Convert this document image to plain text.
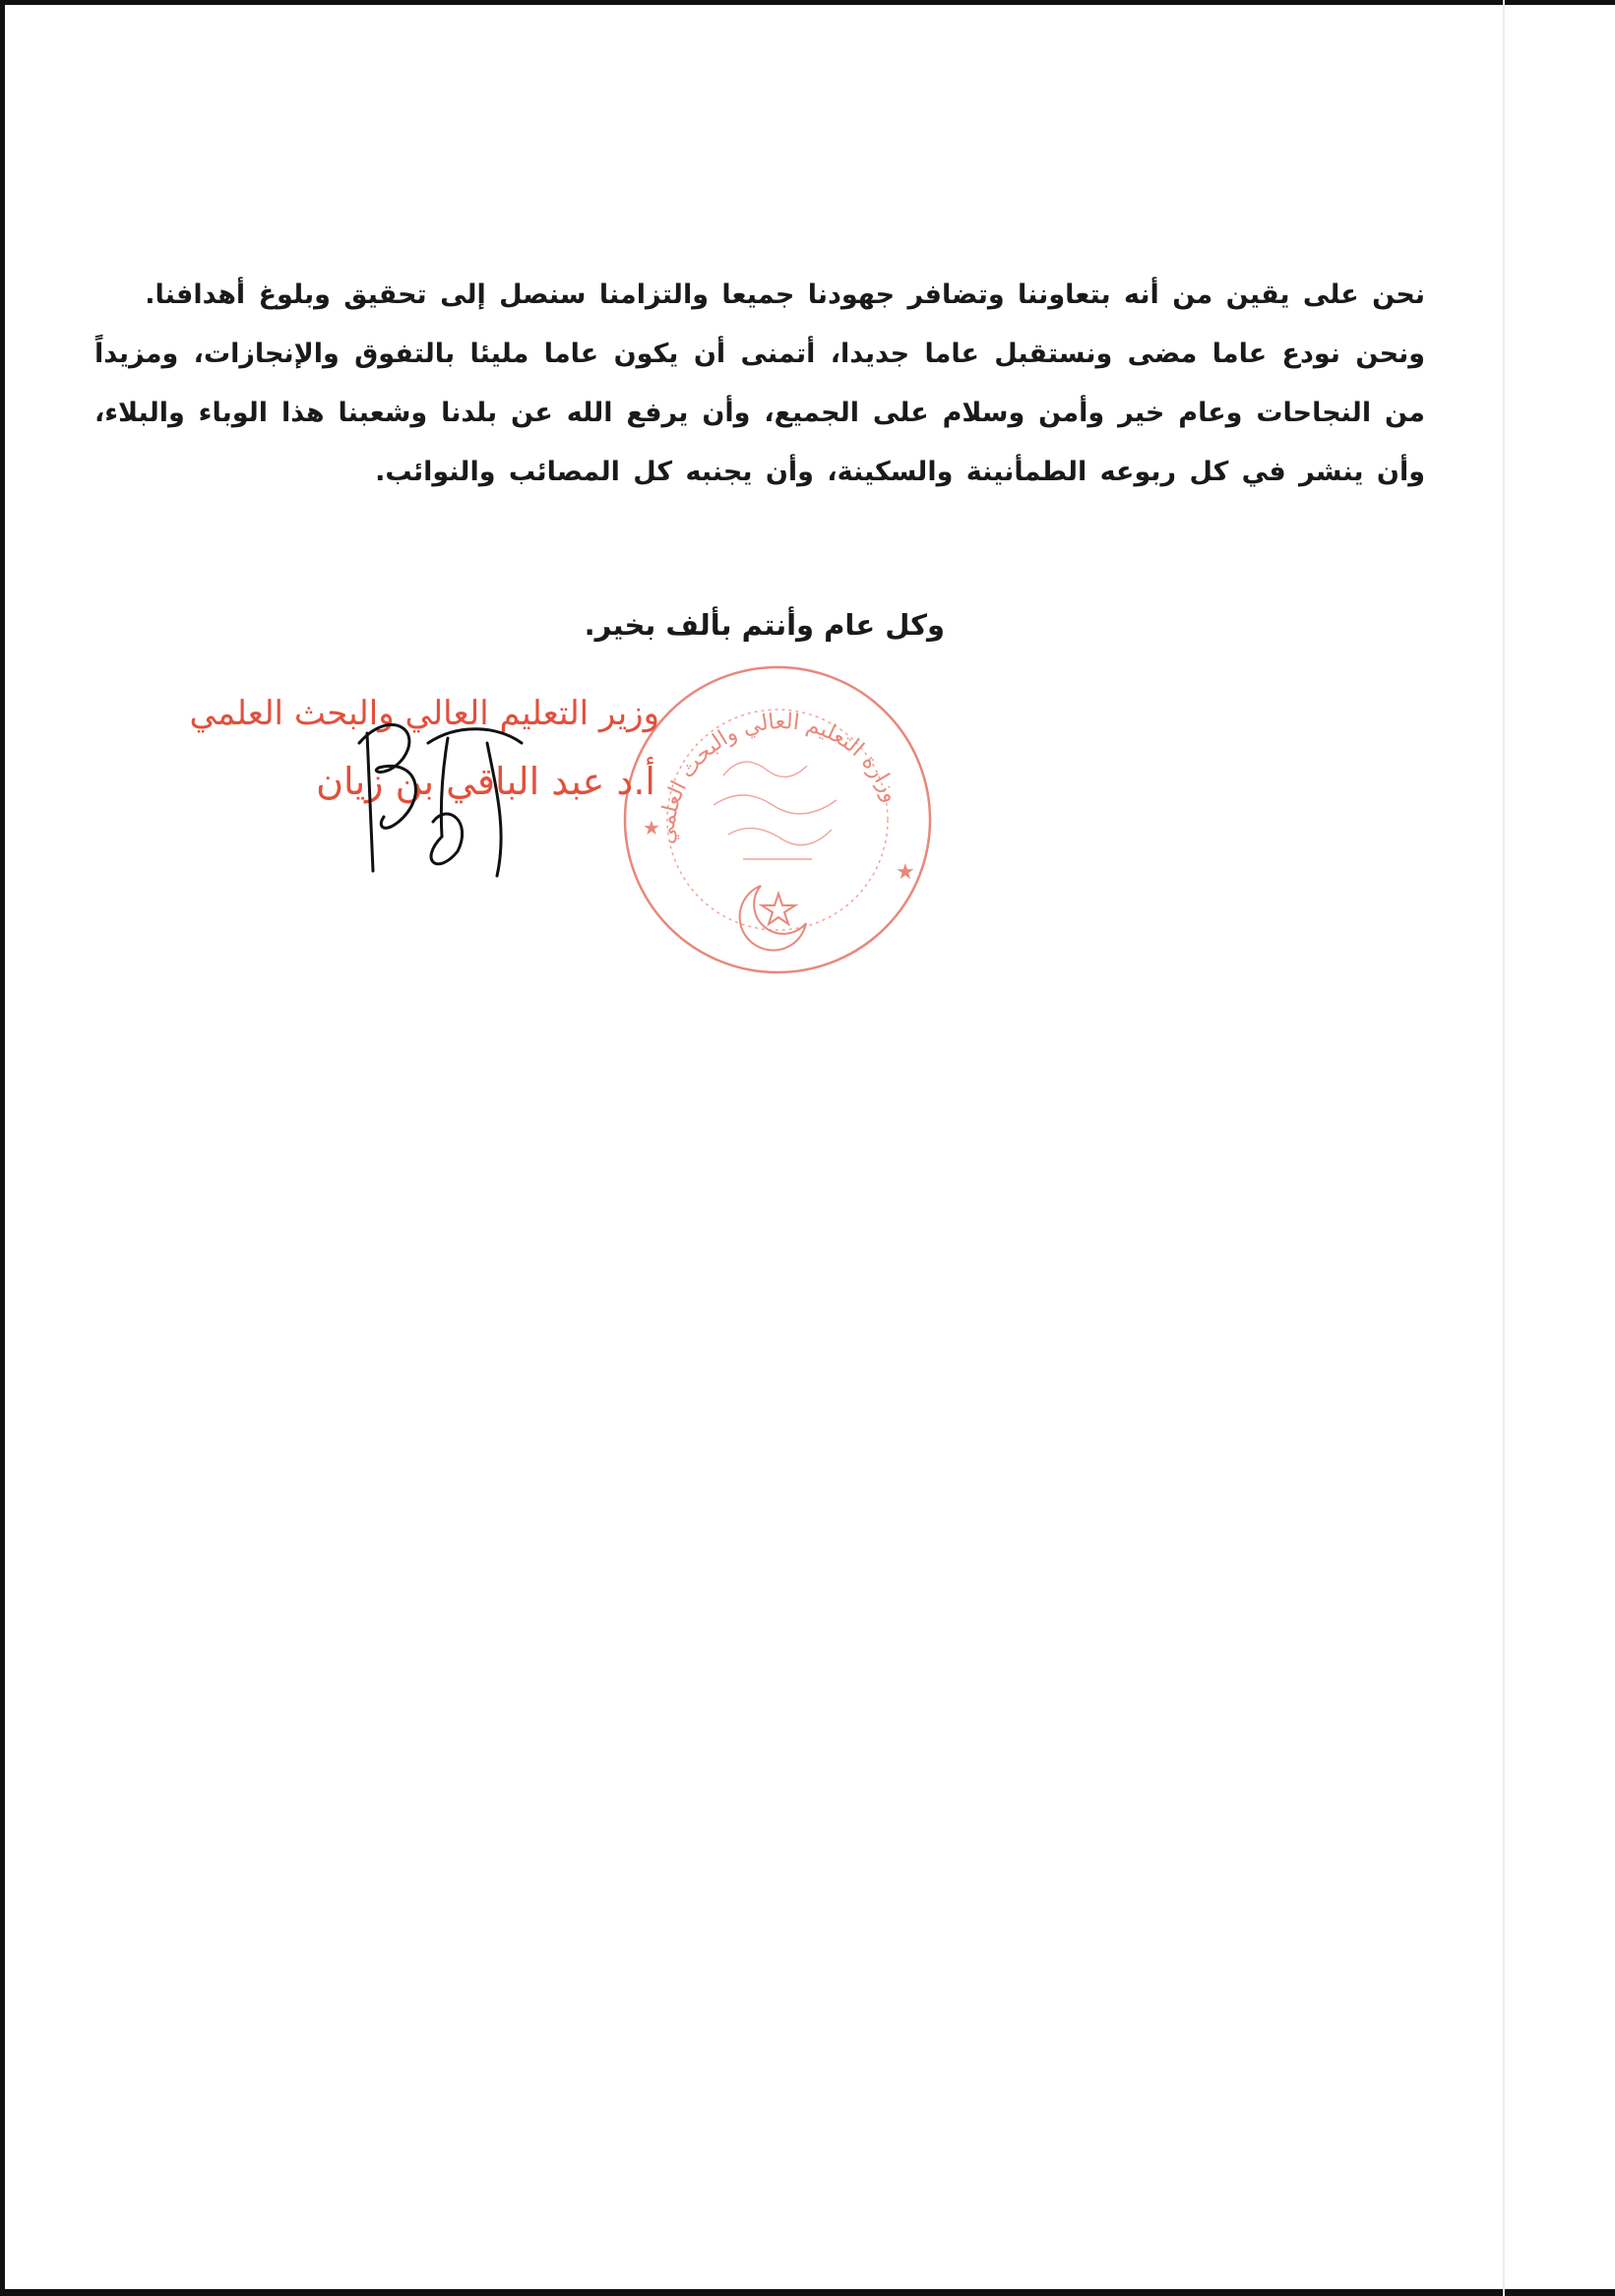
نحن على يقين من أنه بتعاوننا وتضافر جهودنا جميعا والتزامنا سنصل إلى تحقيق وبلوغ أهدافنا.

ونحن نودع عاما مضى ونستقبل عاما جديدا، أتمنى أن يكون عاما مليئا بالتفوق والإنجازات، ومزيداً من النجاحات وعام خير وأمن وسلام على الجميع، وأن يرفع الله عن بلدنا وشعبنا هذا الوباء والبلاء، وأن ينشر في كل ربوعه الطمأنينة والسكينة، وأن يجنبه كل المصائب والنوائب.

وكل عام وأنتم بألف بخير.
وزارة التعليم العالي والبحث العلمي
★
★
وزير التعليم العالي والبحث العلمي
أ.د عبد الباقي بن زيان
